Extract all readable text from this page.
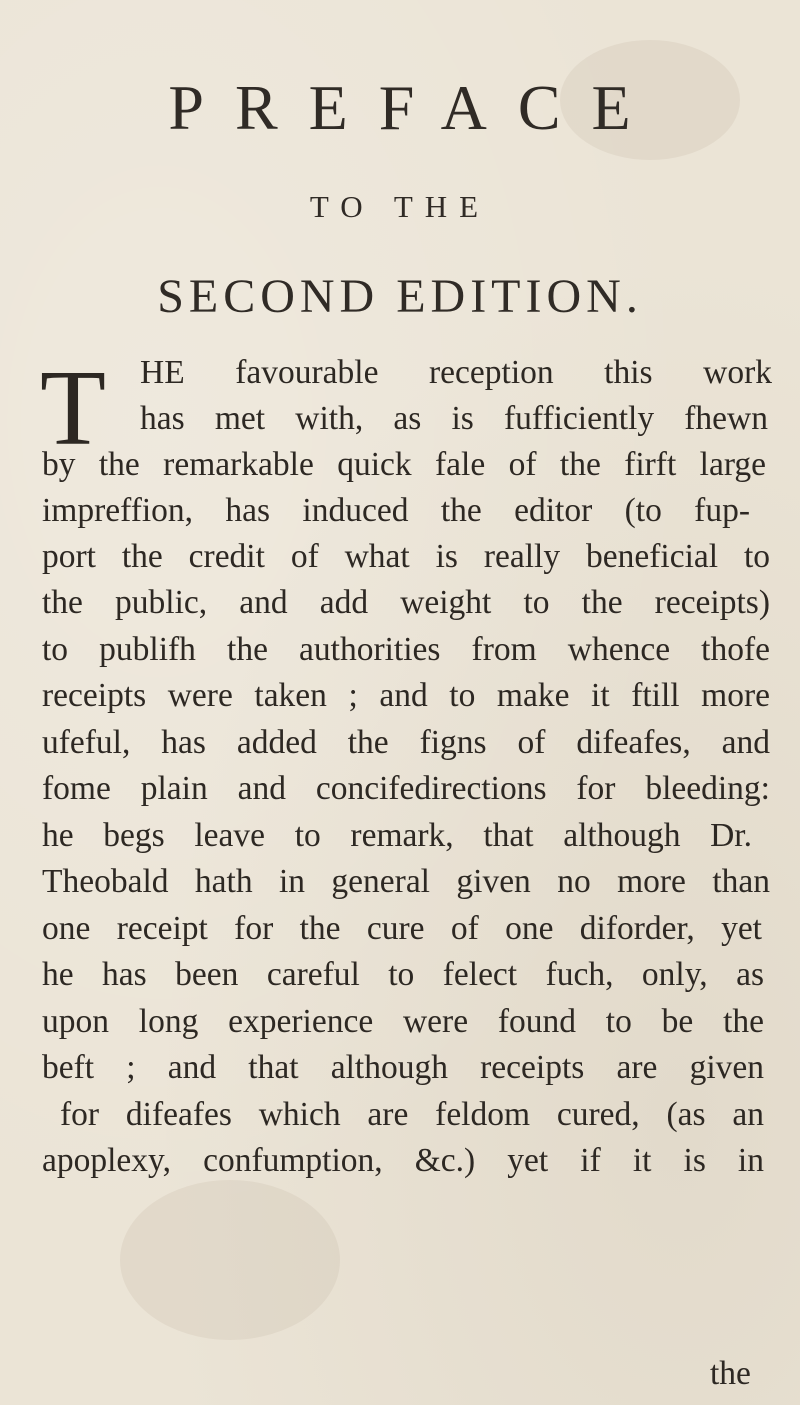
PREFACE
TO THE
SECOND EDITION.
T HE favourable reception this work
has met with, as is fufficiently fhewn
by the remarkable quick fale of the firft large
impreffion, has induced the editor (to fup-
port the credit of what is really beneficial to
the public, and add weight to the receipts)
to publifh the authorities from whence thofe
receipts were taken ; and to make it ftill more
ufeful, has added the figns of difeafes, and
fome plain and concifedirections for bleeding:
he begs leave to remark, that although Dr.
Theobald hath in general given no more than
one receipt for the cure of one diforder, yet
he has been careful to felect fuch, only, as
upon long experience were found to be the
beft ; and that although receipts are given
for difeafes which are feldom cured, (as an
apoplexy, confumption, &c.) yet if it is in
the
